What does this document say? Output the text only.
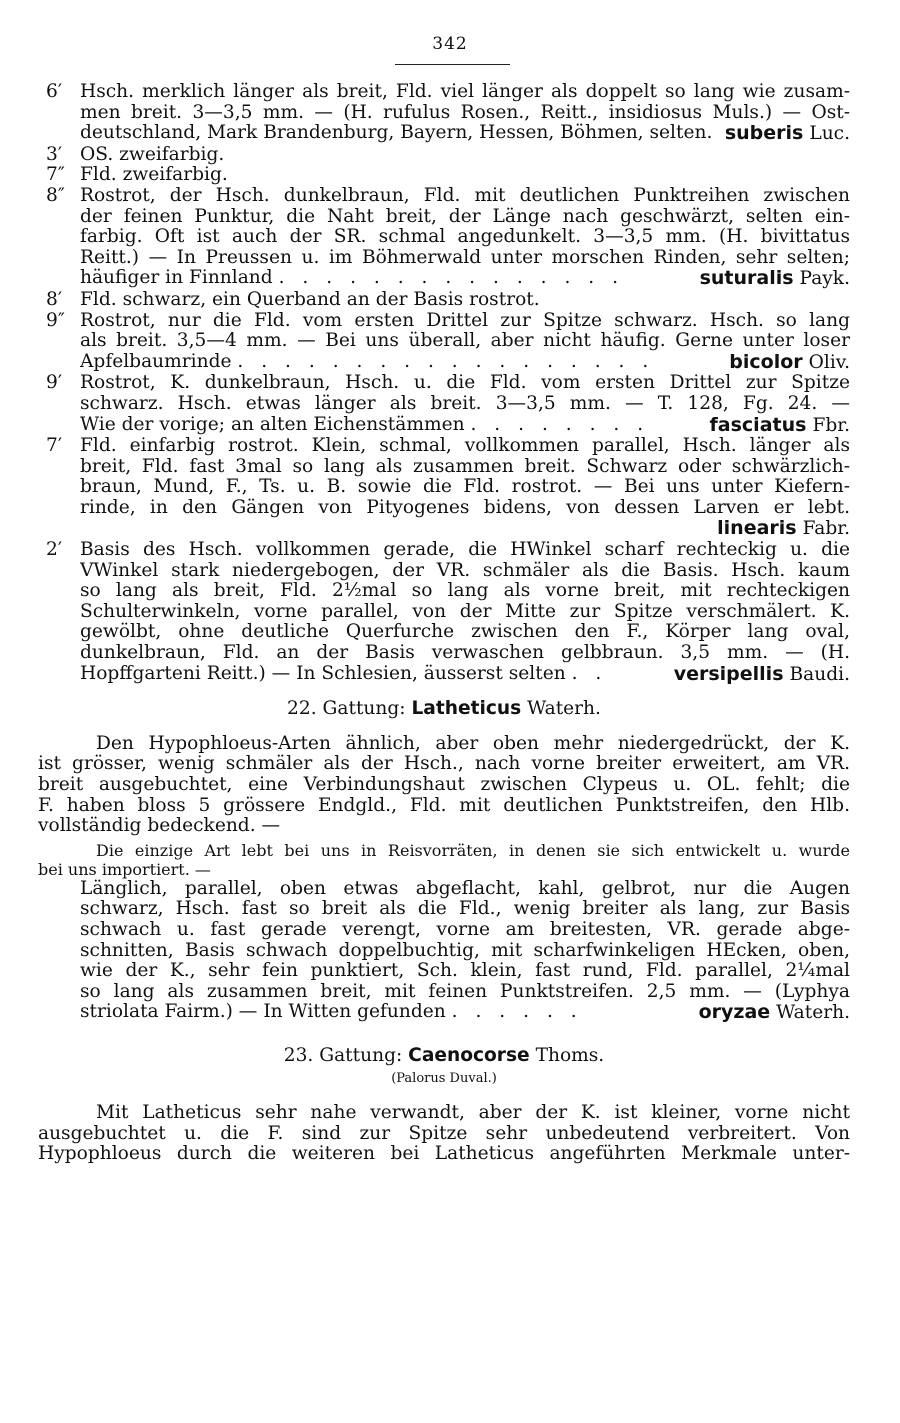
342
6′ Hsch. merklich länger als breit, Fld. viel länger als doppelt so lang wie zusam-
men breit. 3—3,5 mm. — (H. rufulus Rosen., Reitt., insidiosus Muls.) — Ost-
deutschland, Mark Brandenburg, Bayern, Hessen, Böhmen, selten. suberis Luc.
3′ OS. zweifarbig.
7″ Fld. zweifarbig.
8″ Rostrot, der Hsch. dunkelbraun, Fld. mit deutlichen Punktreihen zwischen
der feinen Punktur, die Naht breit, der Länge nach geschwärzt, selten ein-
farbig. Oft ist auch der SR. schmal angedunkelt. 3—3,5 mm. (H. bivittatus
Reitt.) — In Preussen u. im Böhmerwald unter morschen Rinden, sehr selten;
häufiger in Finnland . . . . . . . . . . . . . . .	suturalis Payk.
8′ Fld. schwarz, ein Querband an der Basis rostrot.
9″ Rostrot, nur die Fld. vom ersten Drittel zur Spitze schwarz. Hsch. so lang
als breit. 3,5—4 mm. — Bei uns überall, aber nicht häufig. Gerne unter loser
Apfelbaumrinde . . . . . . . . . . . . . . . . . .	bicolor Oliv.
9′ Rostrot, K. dunkelbraun, Hsch. u. die Fld. vom ersten Drittel zur Spitze
schwarz. Hsch. etwas länger als breit. 3—3,5 mm. — T. 128, Fg. 24. —
Wie der vorige; an alten Eichenstämmen . . . . . . . .	fasciatus Fbr.
7′ Fld. einfarbig rostrot. Klein, schmal, vollkommen parallel, Hsch. länger als
breit, Fld. fast 3mal so lang als zusammen breit. Schwarz oder schwärzlich-
braun, Mund, F., Ts. u. B. sowie die Fld. rostrot. — Bei uns unter Kiefern-
rinde, in den Gängen von Pityogenes bidens, von dessen Larven er lebt.
linearis Fabr.
2′ Basis des Hsch. vollkommen gerade, die HWinkel scharf rechteckig u. die
VWinkel stark niedergebogen, der VR. schmäler als die Basis. Hsch. kaum
so lang als breit, Fld. 2½mal so lang als vorne breit, mit rechteckigen
Schulterwinkeln, vorne parallel, von der Mitte zur Spitze verschmälert. K.
gewölbt, ohne deutliche Querfurche zwischen den F., Körper lang oval,
dunkelbraun, Fld. an der Basis verwaschen gelbbraun. 3,5 mm. — (H.
Hopffgarteni Reitt.) — In Schlesien, äusserst selten . .	versipellis Baudi.
22. Gattung: Latheticus Waterh.
Den Hypophloeus-Arten ähnlich, aber oben mehr niedergedrückt, der K.
ist grösser, wenig schmäler als der Hsch., nach vorne breiter erweitert, am VR.
breit ausgebuchtet, eine Verbindungshaut zwischen Clypeus u. OL. fehlt; die
F. haben bloss 5 grössere Endgld., Fld. mit deutlichen Punktstreifen, den Hlb.
vollständig bedeckend. —
Die einzige Art lebt bei uns in Reisvorräten, in denen sie sich entwickelt u. wurde
bei uns importiert. —
Länglich, parallel, oben etwas abgeflacht, kahl, gelbrot, nur die Augen
schwarz, Hsch. fast so breit als die Fld., wenig breiter als lang, zur Basis
schwach u. fast gerade verengt, vorne am breitesten, VR. gerade abge-
schnitten, Basis schwach doppelbuchtig, mit scharfwinkeligen HEcken, oben,
wie der K., sehr fein punktiert, Sch. klein, fast rund, Fld. parallel, 2¼mal
so lang als zusammen breit, mit feinen Punktstreifen. 2,5 mm. — (Lyphya
striolata Fairm.) — In Witten gefunden . . . . . .	oryzae Waterh.
23. Gattung: Caenocorse Thoms.
(Palorus Duval.)
Mit Latheticus sehr nahe verwandt, aber der K. ist kleiner, vorne nicht
ausgebuchtet u. die F. sind zur Spitze sehr unbedeutend verbreitert. Von
Hypophloeus durch die weiteren bei Latheticus angeführten Merkmale unter-
